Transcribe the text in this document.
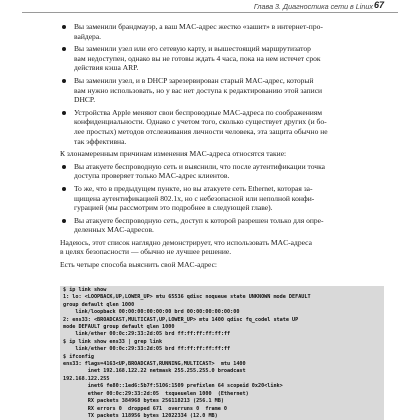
Глава 3. Диагностика сети в Linux 67
Вы заменили брандмауэр, а ваш MAC-адрес жестко «зашит» в интернет-про-
вайдера.
Вы заменили узел или его сетевую карту, и вышестоящий маршрутизатор
вам недоступен, однако вы не готовы ждать 4 часа, пока на нем истечет срок
действия кэша ARP.
Вы заменили узел, и в DHCP зарезервирован старый MAC-адрес, который
вам нужно использовать, но у вас нет доступа к редактированию этой записи
DHCP.
Устройства Apple меняют свои беспроводные MAC-адреса по соображениям
конфиденциальности. Однако с учетом того, сколько существует других (и бо-
лее простых) методов отслеживания личности человека, эта защита обычно не
так эффективна.

К злонамеренным причинам изменения MAC-адреса относятся такие:

Вы атакуете беспроводную сеть и выяснили, что после аутентификации точка
доступа проверяет только MAC-адрес клиентов.
То же, что в предыдущем пункте, но вы атакуете сеть Ethernet, которая за-
щищена аутентификацией 802.1x, но с небезопасной или неполной конфи-
гурацией (мы рассмотрим это подробнее в следующей главе).
Вы атакуете беспроводную сеть, доступ к которой разрешен только для опре-
деленных MAC-адресов.

Надеюсь, этот список наглядно демонстрирует, что использовать MAC-адреса
в целях безопасности — обычно не лучшее решение.

Есть четыре способа выяснить свой MAC-адрес:

$ ip link show
1: lo: <LOOPBACK,UP,LOWER_UP> mtu 65536 qdisc noqueue state UNKNOWN mode DEFAULT
group default qlen 1000
link/loopback 00:00:00:00:00:00 brd 00:00:00:00:00:00
2: ens33: <BROADCAST,MULTICAST,UP,LOWER_UP> mtu 1400 qdisc fq_codel state UP
mode DEFAULT group default qlen 1000
link/ether 00:0c:29:33:2d:05 brd ff:ff:ff:ff:ff:ff
$ ip link show ens33 | grep link
link/ether 00:0c:29:33:2d:05 brd ff:ff:ff:ff:ff:ff
$ ifconfig
ens33: flags=4163<UP,BROADCAST,RUNNING,MULTICAST>  mtu 1400
inet 192.168.122.22 netmask 255.255.255.0 broadcast
192.168.122.255
inet6 fe80::1ed6:5b7f:5106:1509 prefixlen 64 scopeid 0x20<link>
ether 00:0c:29:33:2d:05  txqueuelen 1000  (Ethernet)
RX packets 384968 bytes 256118213 (256.1 MB)
RX errors 0  dropped 671  overruns 0  frame 0
TX packets 118956 bytes 12022334 (12.0 MB)
